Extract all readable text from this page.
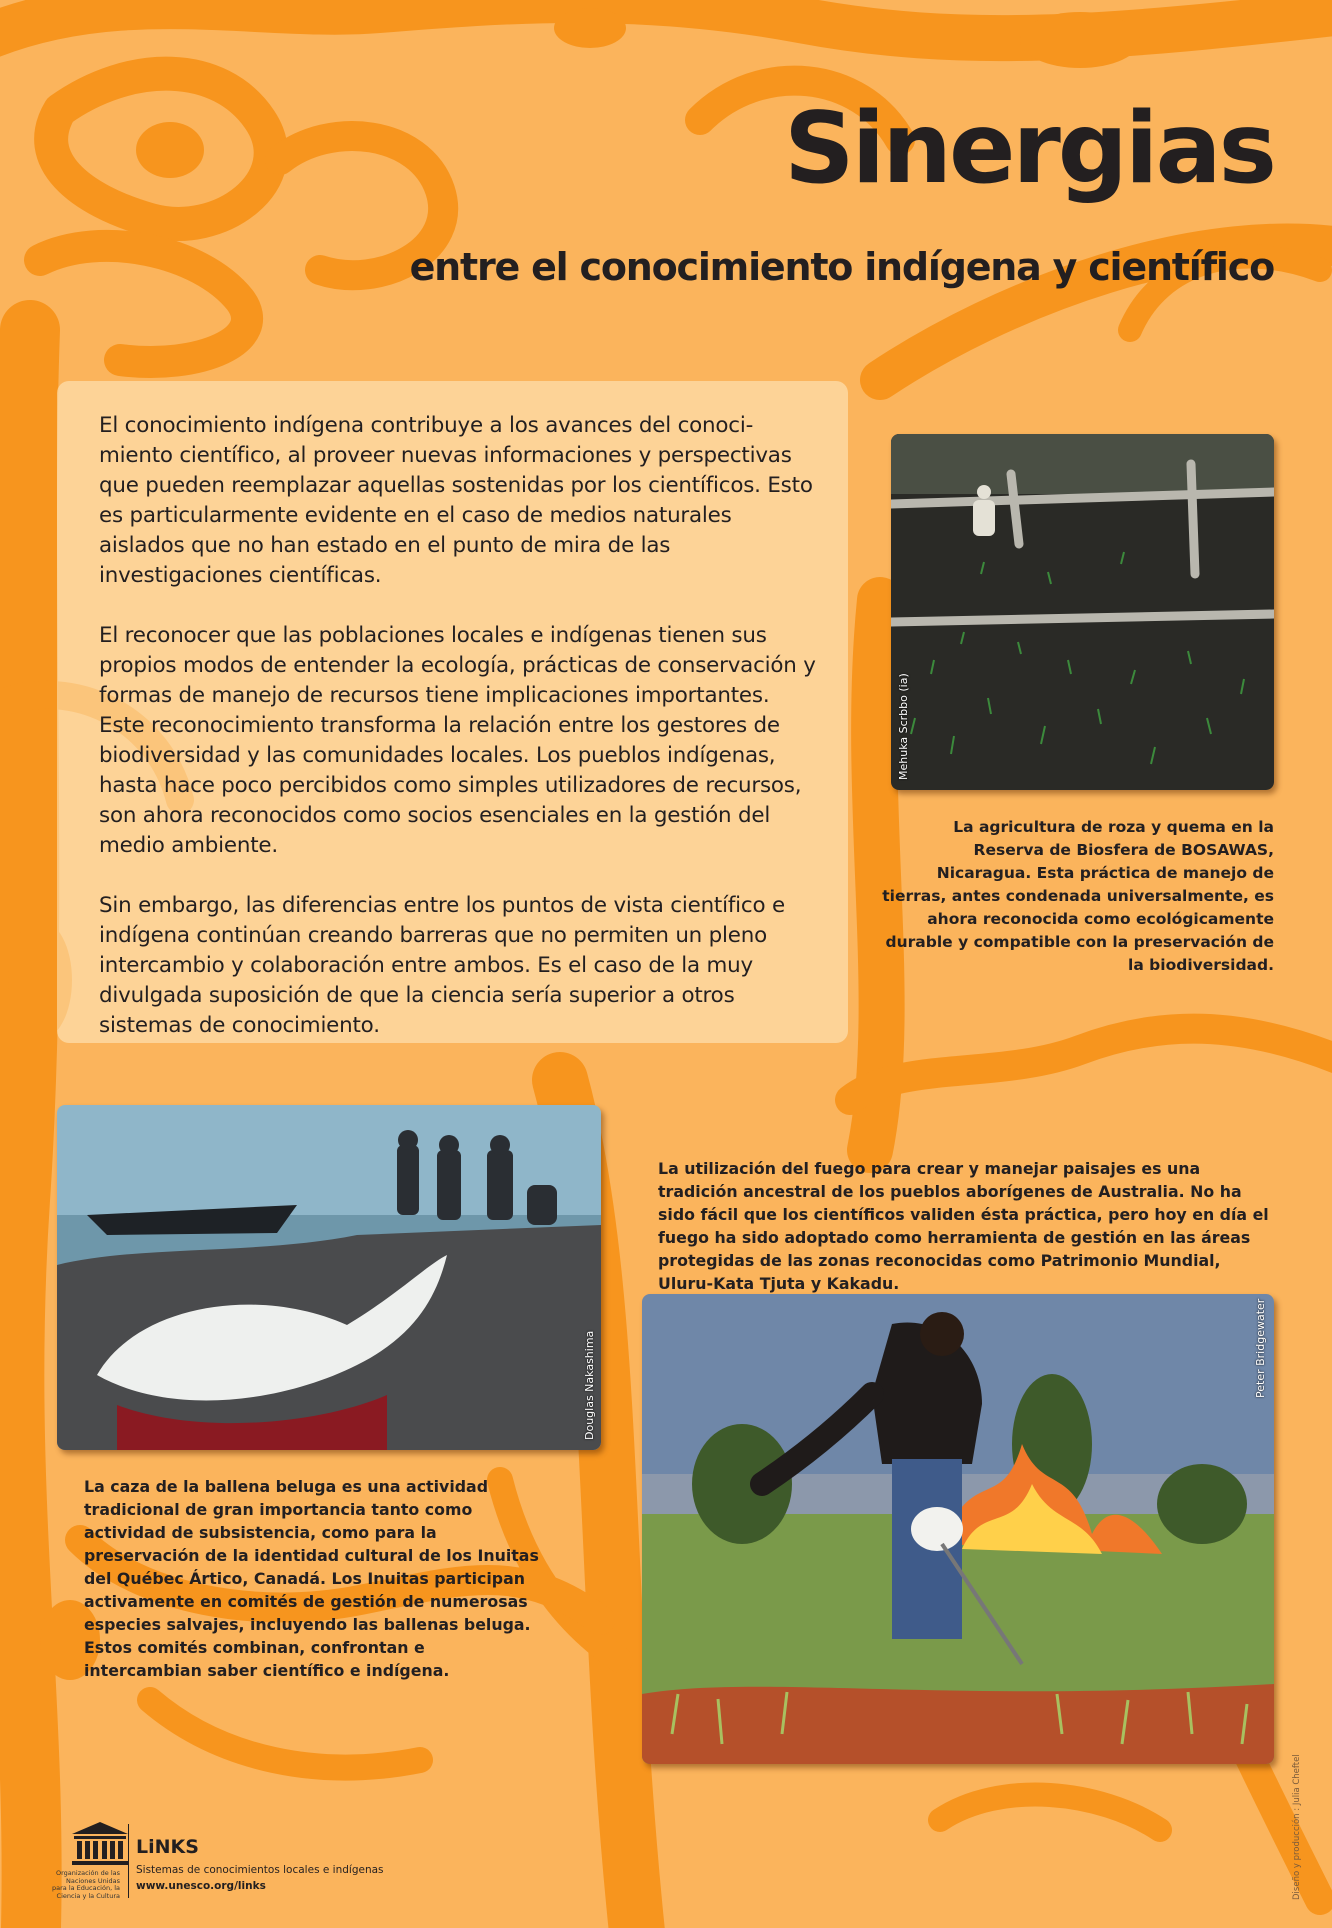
Sinergias
entre el conocimiento indígena y científico

El conocimiento indígena contribuye a los avances del conoci-miento científico, al proveer nuevas informaciones y perspectivas que pueden reemplazar aquellas sostenidas por los científicos. Esto es particularmente evidente en el caso de medios naturales aislados que no han estado en el punto de mira de las investigaciones científicas.

El reconocer que las poblaciones locales e indígenas tienen sus propios modos de entender la ecología, prácticas de conservación y formas de manejo de recursos tiene implicaciones importantes. Este reconocimiento transforma la relación entre los gestores de biodiversidad y las comunidades locales. Los pueblos indígenas, hasta hace poco percibidos como simples utilizadores de recursos, son ahora reconocidos como socios esenciales en la gestión del medio ambiente.

Sin embargo, las diferencias entre los puntos de vista científico e indígena continúan creando barreras que no permiten un pleno intercambio y colaboración entre ambos. Es el caso de la muy divulgada suposición de que la ciencia sería superior a otros sistemas de conocimiento.

Mehuka Scrbbo (ia)

La agricultura de roza y quema en la Reserva de Biosfera de BOSAWAS, Nicaragua. Esta práctica de manejo de tierras, antes condenada universalmente, es ahora reconocida como ecológicamente durable y compatible con la preservación de la biodiversidad.

Douglas Nakashima

La caza de la ballena beluga es una actividad tradicional de gran importancia tanto como actividad de subsistencia, como para la preservación de la identidad cultural de los Inuitas del Québec Ártico, Canadá. Los Inuitas participan activamente en comités de gestión de numerosas especies salvajes, incluyendo las ballenas beluga. Estos comités combinan, confrontan e intercambian saber científico e indígena.

La utilización del fuego para crear y manejar paisajes es una tradición ancestral de los pueblos aborígenes de Australia. No ha sido fácil que los científicos validen ésta práctica, pero hoy en día el fuego ha sido adoptado como herramienta de gestión en las áreas protegidas de las zonas reconocidas como Patrimonio Mundial, Uluru-Kata Tjuta y Kakadu.

Peter Bridgewater
Organización de las Naciones Unidas para la Educación, la Ciencia y la Cultura
LiNKS
Sistemas de conocimientos locales e indígenas
www.unesco.org/links	Diseño y producción : Julia Cheftel
